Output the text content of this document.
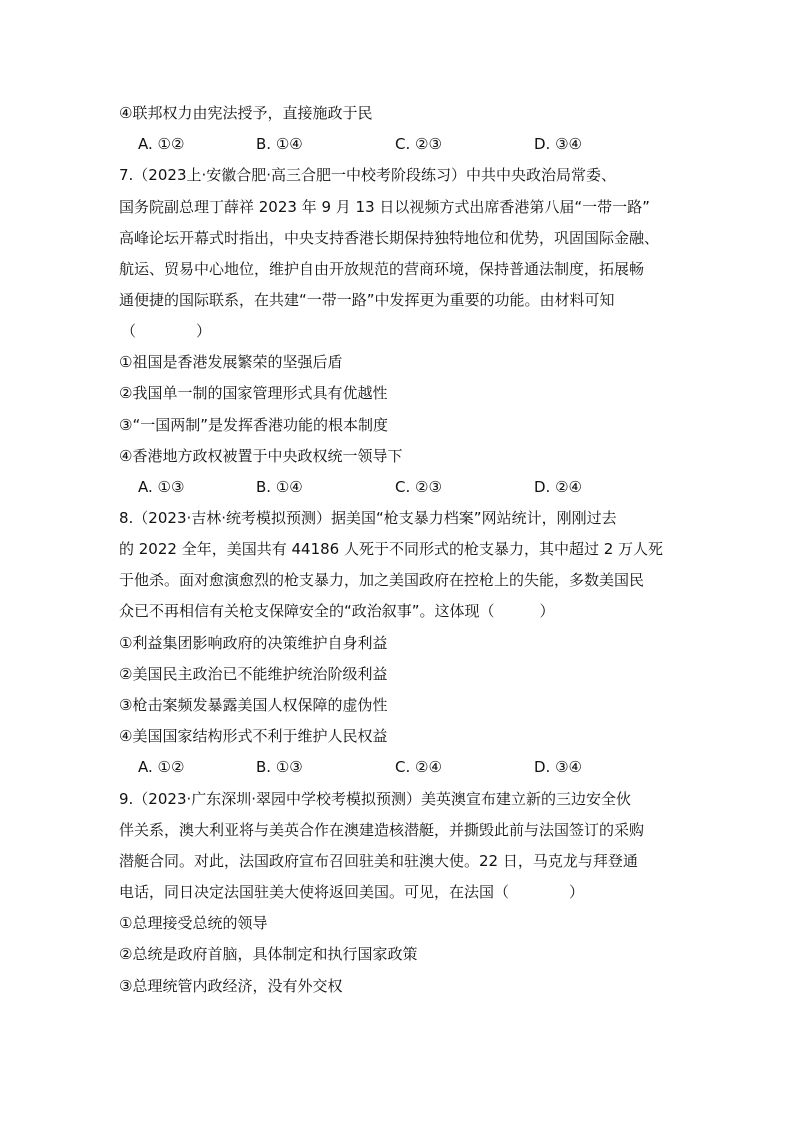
④联邦权力由宪法授予，直接施政于民
A. ①②	B. ①④	C. ②③	D. ③④
7.（2023上·安徽合肥·高三合肥一中校考阶段练习）中共中央政治局常委、
国务院副总理丁薛祥 2023 年 9 月 13 日以视频方式出席香港第八届“一带一路”
高峰论坛开幕式时指出，中央支持香港长期保持独特地位和优势，巩固国际金融、
航运、贸易中心地位，维护自由开放规范的营商环境，保持普通法制度，拓展畅
通便捷的国际联系，在共建“一带一路”中发挥更为重要的功能。由材料可知
（　　　　）
①祖国是香港发展繁荣的坚强后盾
②我国单一制的国家管理形式具有优越性
③“一国两制”是发挥香港功能的根本制度
④香港地方政权被置于中央政权统一领导下
A. ①③	B. ①④	C. ②③	D. ②④
8.（2023·吉林·统考模拟预测）据美国“枪支暴力档案”网站统计，刚刚过去
的 2022 全年，美国共有 44186 人死于不同形式的枪支暴力，其中超过 2 万人死
于他杀。面对愈演愈烈的枪支暴力，加之美国政府在控枪上的失能，多数美国民
众已不再相信有关枪支保障安全的“政治叙事”。这体现（　　　）
①利益集团影响政府的决策维护自身利益
②美国民主政治已不能维护统治阶级利益
③枪击案频发暴露美国人权保障的虚伪性
④美国国家结构形式不利于维护人民权益
A. ①②	B. ①③	C. ②④	D. ③④
9.（2023·广东深圳·翠园中学校考模拟预测）美英澳宣布建立新的三边安全伙
伴关系，澳大利亚将与美英合作在澳建造核潜艇，并撕毁此前与法国签订的采购
潜艇合同。对此，法国政府宣布召回驻美和驻澳大使。22 日，马克龙与拜登通
电话，同日决定法国驻美大使将返回美国。可见，在法国（　　　　）
①总理接受总统的领导
②总统是政府首脑，具体制定和执行国家政策
③总理统管内政经济，没有外交权
